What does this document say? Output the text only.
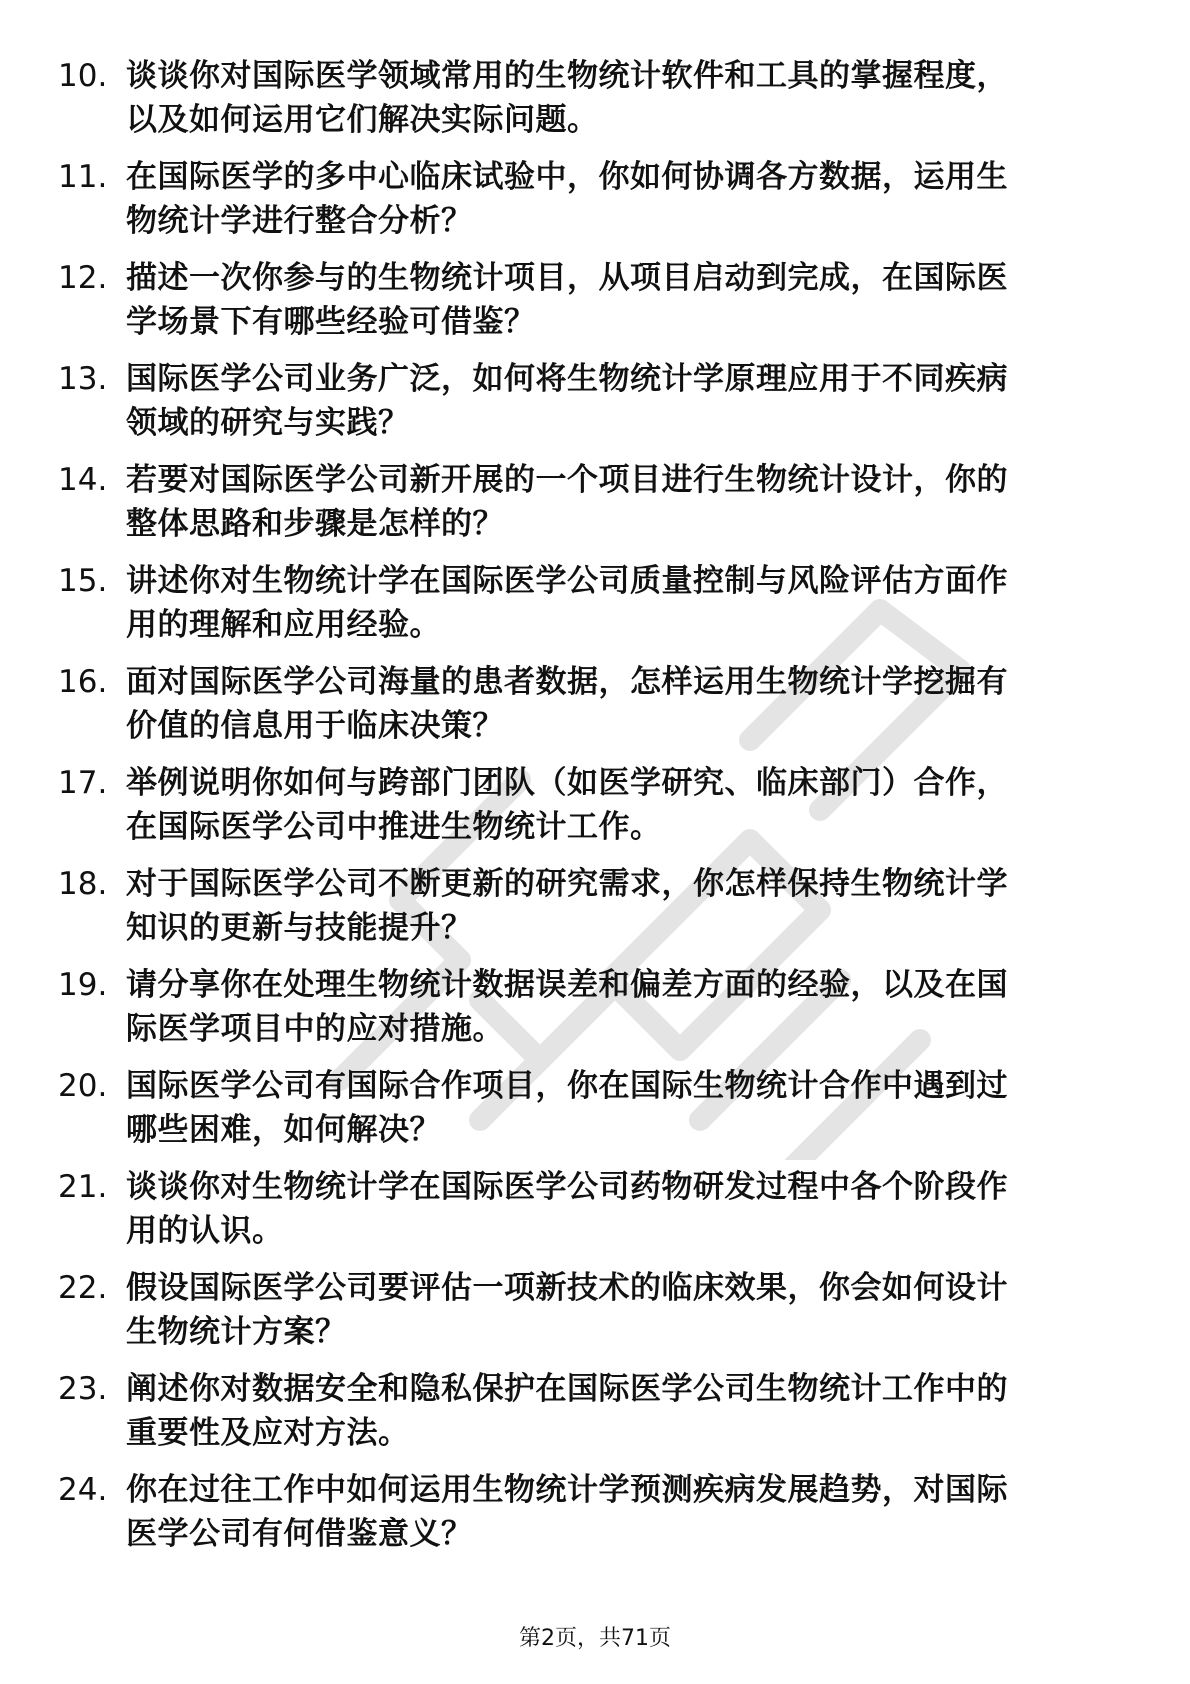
10. 谈谈你对国际医学领域常用的生物统计软件和工具的掌握程度，
以及如何运用它们解决实际问题。
11. 在国际医学的多中心临床试验中，你如何协调各方数据，运用生
物统计学进行整合分析？
12. 描述一次你参与的生物统计项目，从项目启动到完成，在国际医
学场景下有哪些经验可借鉴？
13. 国际医学公司业务广泛，如何将生物统计学原理应用于不同疾病
领域的研究与实践？
14. 若要对国际医学公司新开展的一个项目进行生物统计设计，你的
整体思路和步骤是怎样的？
15. 讲述你对生物统计学在国际医学公司质量控制与风险评估方面作
用的理解和应用经验。
16. 面对国际医学公司海量的患者数据，怎样运用生物统计学挖掘有
价值的信息用于临床决策？
17. 举例说明你如何与跨部门团队（如医学研究、临床部门）合作，
在国际医学公司中推进生物统计工作。
18. 对于国际医学公司不断更新的研究需求，你怎样保持生物统计学
知识的更新与技能提升？
19. 请分享你在处理生物统计数据误差和偏差方面的经验，以及在国
际医学项目中的应对措施。
20. 国际医学公司有国际合作项目，你在国际生物统计合作中遇到过
哪些困难，如何解决？
21. 谈谈你对生物统计学在国际医学公司药物研发过程中各个阶段作
用的认识。
22. 假设国际医学公司要评估一项新技术的临床效果，你会如何设计
生物统计方案？
23. 阐述你对数据安全和隐私保护在国际医学公司生物统计工作中的
重要性及应对方法。
24. 你在过往工作中如何运用生物统计学预测疾病发展趋势，对国际
医学公司有何借鉴意义？
第2页，共71页
